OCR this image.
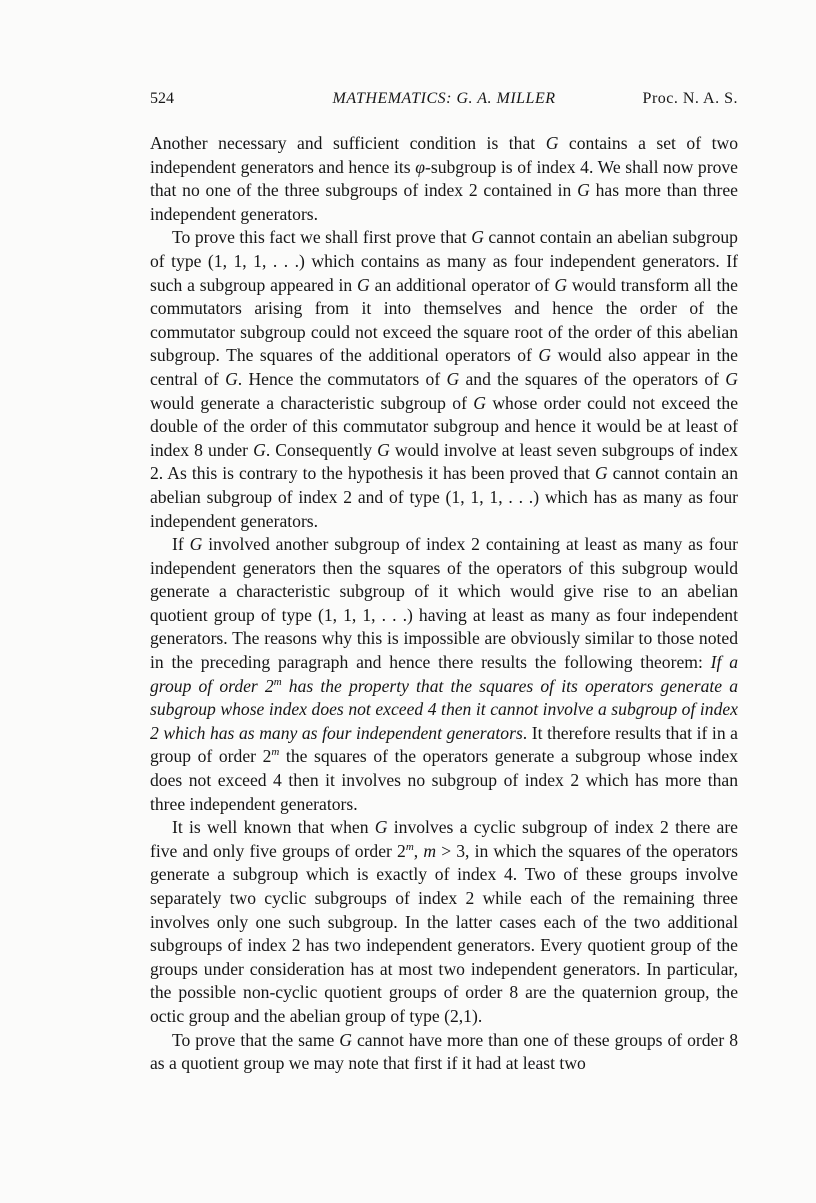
524	MATHEMATICS: G. A. MILLER	Proc. N. A. S.

Another necessary and sufficient condition is that G contains a set of two independent generators and hence its φ-subgroup is of index 4. We shall now prove that no one of the three subgroups of index 2 contained in G has more than three independent generators.

To prove this fact we shall first prove that G cannot contain an abelian subgroup of type (1, 1, 1, . . .) which contains as many as four independent generators. If such a subgroup appeared in G an additional operator of G would transform all the commutators arising from it into themselves and hence the order of the commutator subgroup could not exceed the square root of the order of this abelian subgroup. The squares of the additional operators of G would also appear in the central of G. Hence the commutators of G and the squares of the operators of G would generate a characteristic subgroup of G whose order could not exceed the double of the order of this commutator subgroup and hence it would be at least of index 8 under G. Consequently G would involve at least seven subgroups of index 2. As this is contrary to the hypothesis it has been proved that G cannot contain an abelian subgroup of index 2 and of type (1, 1, 1, . . .) which has as many as four independent generators.

If G involved another subgroup of index 2 containing at least as many as four independent generators then the squares of the operators of this subgroup would generate a characteristic subgroup of it which would give rise to an abelian quotient group of type (1, 1, 1, . . .) having at least as many as four independent generators. The reasons why this is impossible are obviously similar to those noted in the preceding paragraph and hence there results the following theorem: If a group of order 2$^m$ has the property that the squares of its operators generate a subgroup whose index does not exceed 4 then it cannot involve a subgroup of index 2 which has as many as four independent generators. It therefore results that if in a group of order 2$^m$ the squares of the operators generate a subgroup whose index does not exceed 4 then it involves no subgroup of index 2 which has more than three independent generators.

It is well known that when G involves a cyclic subgroup of index 2 there are five and only five groups of order 2$^m$, m > 3, in which the squares of the operators generate a subgroup which is exactly of index 4. Two of these groups involve separately two cyclic subgroups of index 2 while each of the remaining three involves only one such subgroup. In the latter cases each of the two additional subgroups of index 2 has two independent generators. Every quotient group of the groups under consideration has at most two independent generators. In particular, the possible non-cyclic quotient groups of order 8 are the quaternion group, the octic group and the abelian group of type (2,1).

To prove that the same G cannot have more than one of these groups of order 8 as a quotient group we may note that first if it had at least two
